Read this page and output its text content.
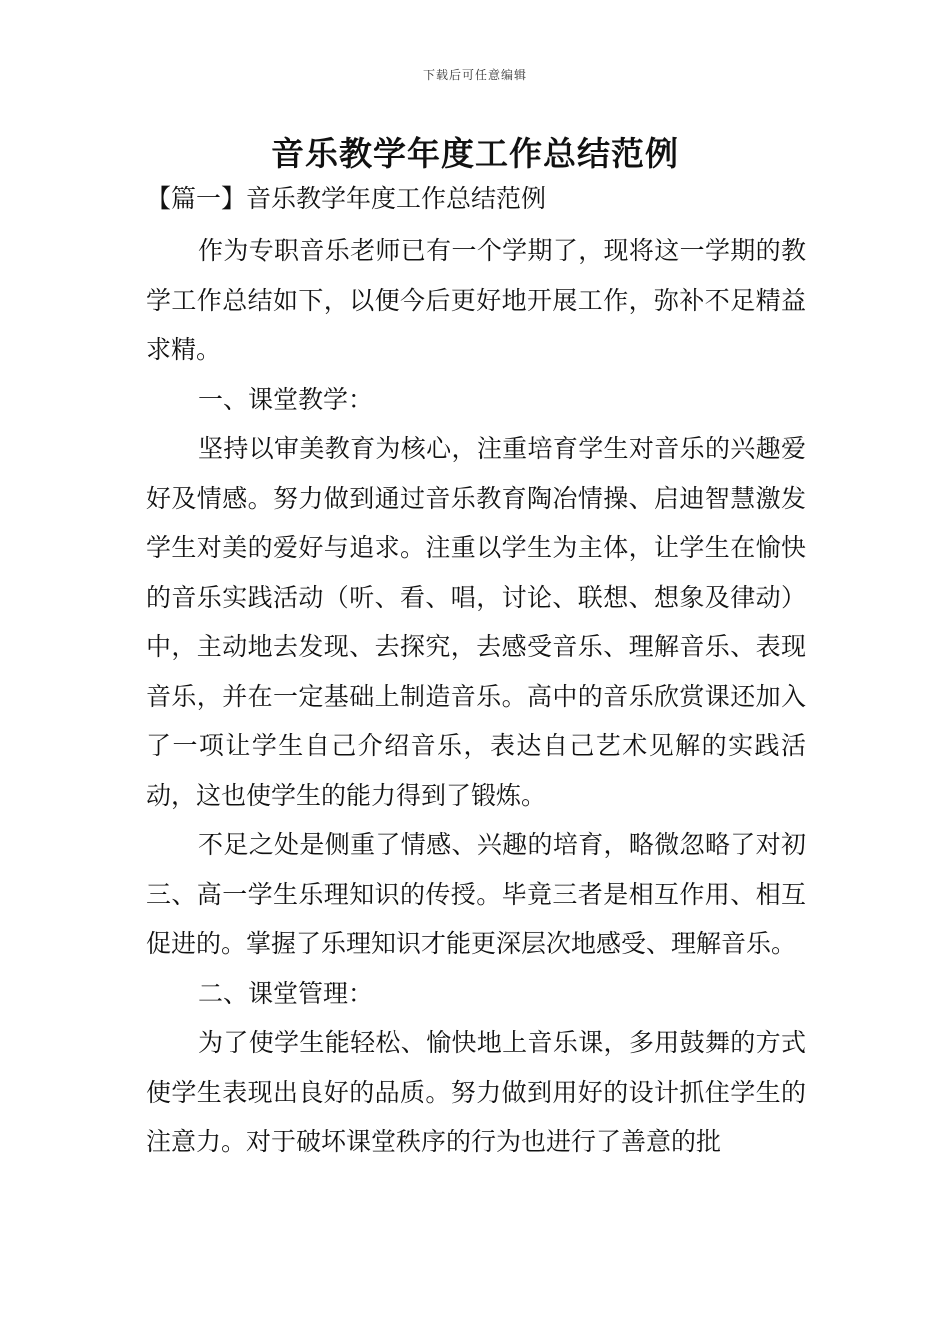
下载后可任意编辑
音乐教学年度工作总结范例
【篇一】音乐教学年度工作总结范例

作为专职音乐老师已有一个学期了，现将这一学期的教学工作总结如下，以便今后更好地开展工作，弥补不足精益求精。

一、课堂教学：

坚持以审美教育为核心，注重培育学生对音乐的兴趣爱好及情感。努力做到通过音乐教育陶冶情操、启迪智慧激发学生对美的爱好与追求。注重以学生为主体，让学生在愉快的音乐实践活动（听、看、唱，讨论、联想、想象及律动）中，主动地去发现、去探究，去感受音乐、理解音乐、表现音乐，并在一定基础上制造音乐。高中的音乐欣赏课还加入了一项让学生自己介绍音乐，表达自己艺术见解的实践活动，这也使学生的能力得到了锻炼。

不足之处是侧重了情感、兴趣的培育，略微忽略了对初三、高一学生乐理知识的传授。毕竟三者是相互作用、相互促进的。掌握了乐理知识才能更深层次地感受、理解音乐。

二、课堂管理：

为了使学生能轻松、愉快地上音乐课，多用鼓舞的方式使学生表现出良好的品质。努力做到用好的设计抓住学生的注意力。对于破坏课堂秩序的行为也进行了善意的批
